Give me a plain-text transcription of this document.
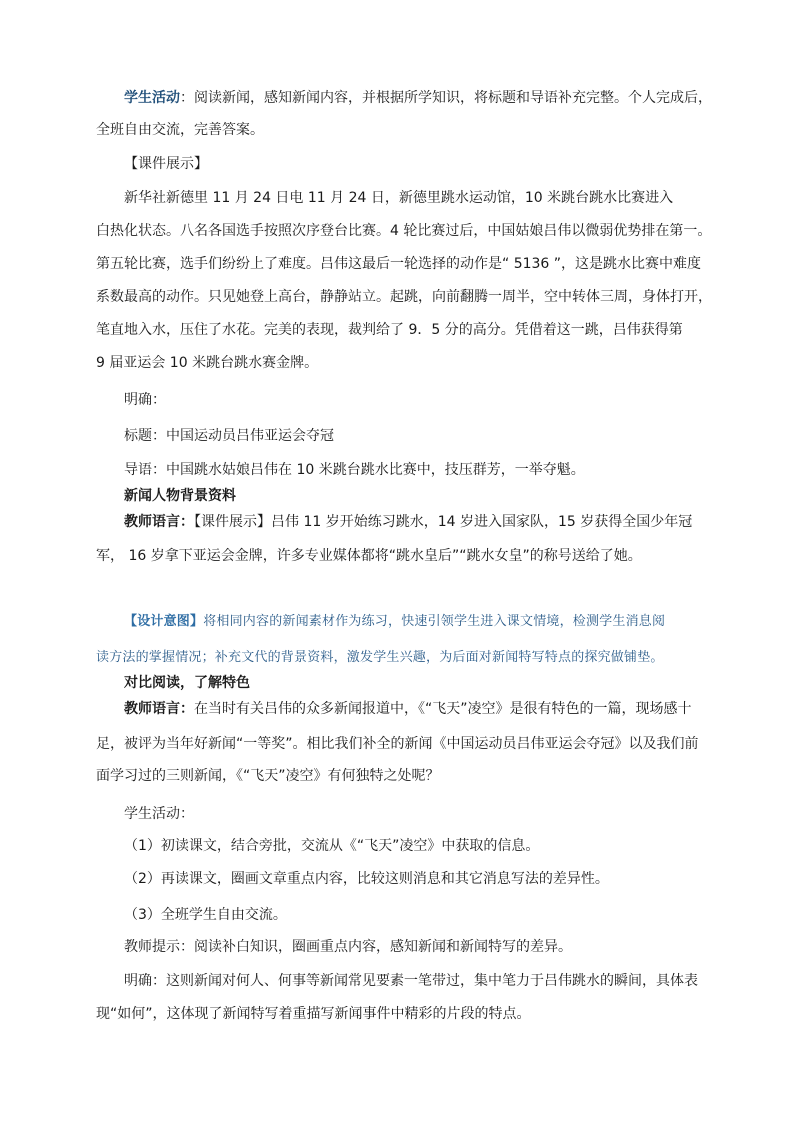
学生活动：阅读新闻，感知新闻内容，并根据所学知识，将标题和导语补充完整。个人完成后，
全班自由交流，完善答案。
【课件展示】
新华社新德里 11 月 24 日电 11 月 24 日，新德里跳水运动馆，10 米跳台跳水比赛进入
白热化状态。八名各国选手按照次序登台比赛。4 轮比赛过后，中国姑娘吕伟以微弱优势排在第一。
第五轮比赛，选手们纷纷上了难度。吕伟这最后一轮选择的动作是“ 5136 ”，这是跳水比赛中难度
系数最高的动作。只见她登上高台，静静站立。起跳，向前翻腾一周半，空中转体三周，身体打开，
笔直地入水，压住了水花。完美的表现，裁判给了 9．5 分的高分。凭借着这一跳，吕伟获得第
9 届亚运会 10 米跳台跳水赛金牌。
明确：
标题：中国运动员吕伟亚运会夺冠
导语：中国跳水姑娘吕伟在 10 米跳台跳水比赛中，技压群芳，一举夺魁。
新闻人物背景资料
教师语言：【课件展示】吕伟 11 岁开始练习跳水，14 岁进入国家队，15 岁获得全国少年冠
军， 16 岁拿下亚运会金牌，许多专业媒体都将“跳水皇后”“跳水女皇”的称号送给了她。
【设计意图】将相同内容的新闻素材作为练习，快速引领学生进入课文情境，检测学生消息阅
读方法的掌握情况；补充文代的背景资料，激发学生兴趣，为后面对新闻特写特点的探究做铺垫。
对比阅读，了解特色
教师语言：在当时有关吕伟的众多新闻报道中，《“飞天”凌空》是很有特色的一篇，现场感十
足，被评为当年好新闻“一等奖”。相比我们补全的新闻《中国运动员吕伟亚运会夺冠》以及我们前
面学习过的三则新闻，《“飞天”凌空》有何独特之处呢？
学生活动：
（1）初读课文，结合旁批，交流从《“飞天”凌空》中获取的信息。
（2）再读课文，圈画文章重点内容，比较这则消息和其它消息写法的差异性。
（3）全班学生自由交流。
教师提示：阅读补白知识，圈画重点内容，感知新闻和新闻特写的差异。
明确：这则新闻对何人、何事等新闻常见要素一笔带过，集中笔力于吕伟跳水的瞬间，具体表
现“如何”，这体现了新闻特写着重描写新闻事件中精彩的片段的特点。
